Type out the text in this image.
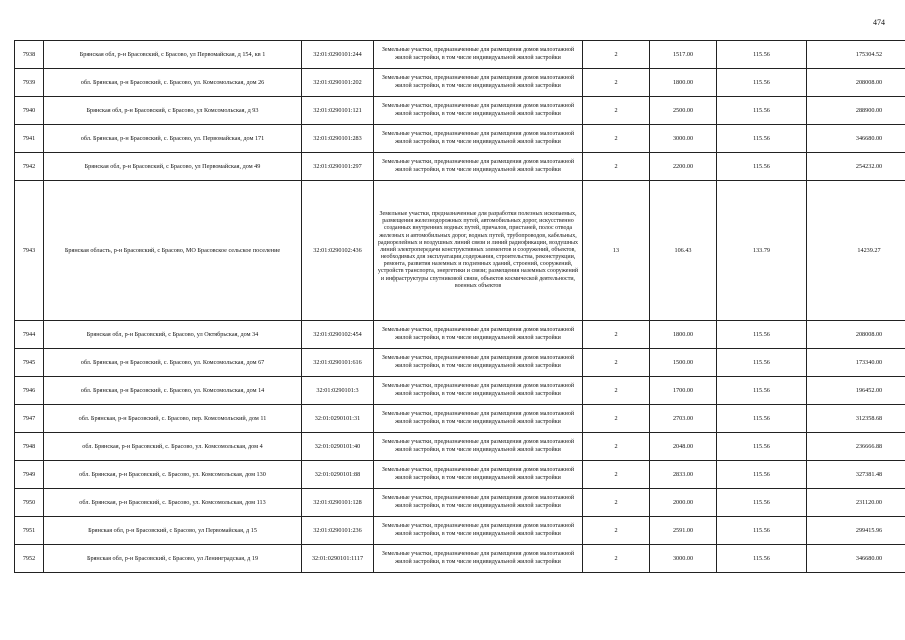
474
7938	Брянская обл, р-н Брасовский, с Брасово, ул Первомайская, д 154, кв 1	32:01:0290101:244	Земельные участки, предназначенные для размещения домов малоэтажной жилой застройки, в том числе индивидуальной жилой застройки	2	1517.00	115.56	175304.52
7939	обл. Брянская, р-н Брасовский, с. Брасово, ул. Комсомольская, дом 26	32:01:0290101:202	Земельные участки, предназначенные для размещения домов малоэтажной жилой застройки, в том числе индивидуальной жилой застройки	2	1800.00	115.56	208008.00
7940	Брянская обл, р-н Брасовский, с Брасово, ул Комсомольская, д 93	32:01:0290101:121	Земельные участки, предназначенные для размещения домов малоэтажной жилой застройки, в том числе индивидуальной жилой застройки	2	2500.00	115.56	288900.00
7941	обл. Брянская, р-н Брасовский, с. Брасово, ул. Первомайская, дом 171	32:01:0290101:283	Земельные участки, предназначенные для размещения домов малоэтажной жилой застройки, в том числе индивидуальной жилой застройки	2	3000.00	115.56	346680.00
7942	Брянская обл, р-н Брасовский, с Брасово, ул Первомайская, дом 49	32:01:0290101:297	Земельные участки, предназначенные для размещения домов малоэтажной жилой застройки, в том числе индивидуальной жилой застройки	2	2200.00	115.56	254232.00
7943	Брянская область, р-н Брасовский, с Брасово, МО Брасовское сельское поселение	32:01:0290102:436	Земельные участки, предназначенные для разработки полезных ископаемых, размещения железнодорожных путей, автомобильных дорог, искусственно созданных внутренних водных путей, причалов, пристаней, полос отвода железных и автомобильных дорог, водных путей, трубопроводов, кабельных, радиорелейных и воздушных линий связи и линий радиофикации, воздушных линий электропередачи конструктивных элементов и сооружений, объектов, необходимых для эксплуатации,содержания, строительства, реконструкции, ремонта, развития наземных и подземных зданий, строений, сооружений, устройств транспорта, энергетики и связи; размещения наземных сооружений и инфраструктуры спутниковой связи, объектов космической деятельности, военных объектов	13	106.43	133.79	14239.27
7944	Брянская обл, р-н Брасовский, с Брасово, ул Октябрьская, дом 34	32:01:0290102:454	Земельные участки, предназначенные для размещения домов малоэтажной жилой застройки, в том числе индивидуальной жилой застройки	2	1800.00	115.56	208008.00
7945	обл. Брянская, р-н Брасовский, с. Брасово, ул. Комсомольская, дом 67	32:01:0290101:616	Земельные участки, предназначенные для размещения домов малоэтажной жилой застройки, в том числе индивидуальной жилой застройки	2	1500.00	115.56	173340.00
7946	обл. Брянская, р-н Брасовский, с. Брасово, ул. Комсомольская, дом 14	32:01:0290101:3	Земельные участки, предназначенные для размещения домов малоэтажной жилой застройки, в том числе индивидуальной жилой застройки	2	1700.00	115.56	196452.00
7947	обл. Брянская, р-н Брасовский, с. Брасово, пер. Комсомольский, дом 11	32:01:0290101:31	Земельные участки, предназначенные для размещения домов малоэтажной жилой застройки, в том числе индивидуальной жилой застройки	2	2703.00	115.56	312358.68
7948	обл. Брянская, р-н Брасовский, с. Брасово, ул. Комсомольская, дом 4	32:01:0290101:40	Земельные участки, предназначенные для размещения домов малоэтажной жилой застройки, в том числе индивидуальной жилой застройки	2	2048.00	115.56	236666.88
7949	обл. Брянская, р-н Брасовский, с. Брасово, ул. Комсомольская, дом 130	32:01:0290101:88	Земельные участки, предназначенные для размещения домов малоэтажной жилой застройки, в том числе индивидуальной жилой застройки	2	2833.00	115.56	327381.48
7950	обл. Брянская, р-н Брасовский, с. Брасово, ул. Комсомольская, дом 113	32:01:0290101:128	Земельные участки, предназначенные для размещения домов малоэтажной жилой застройки, в том числе индивидуальной жилой застройки	2	2000.00	115.56	231120.00
7951	Брянская обл, р-н Брасовский, с Брасово, ул Первомайская, д 15	32:01:0290101:236	Земельные участки, предназначенные для размещения домов малоэтажной жилой застройки, в том числе индивидуальной жилой застройки	2	2591.00	115.56	299415.96
7952	Брянская обл, р-н Брасовский, с Брасово, ул Ленинградская, д 19	32:01:0290101:1117	Земельные участки, предназначенные для размещения домов малоэтажной жилой застройки, в том числе индивидуальной жилой застройки	2	3000.00	115.56	346680.00
